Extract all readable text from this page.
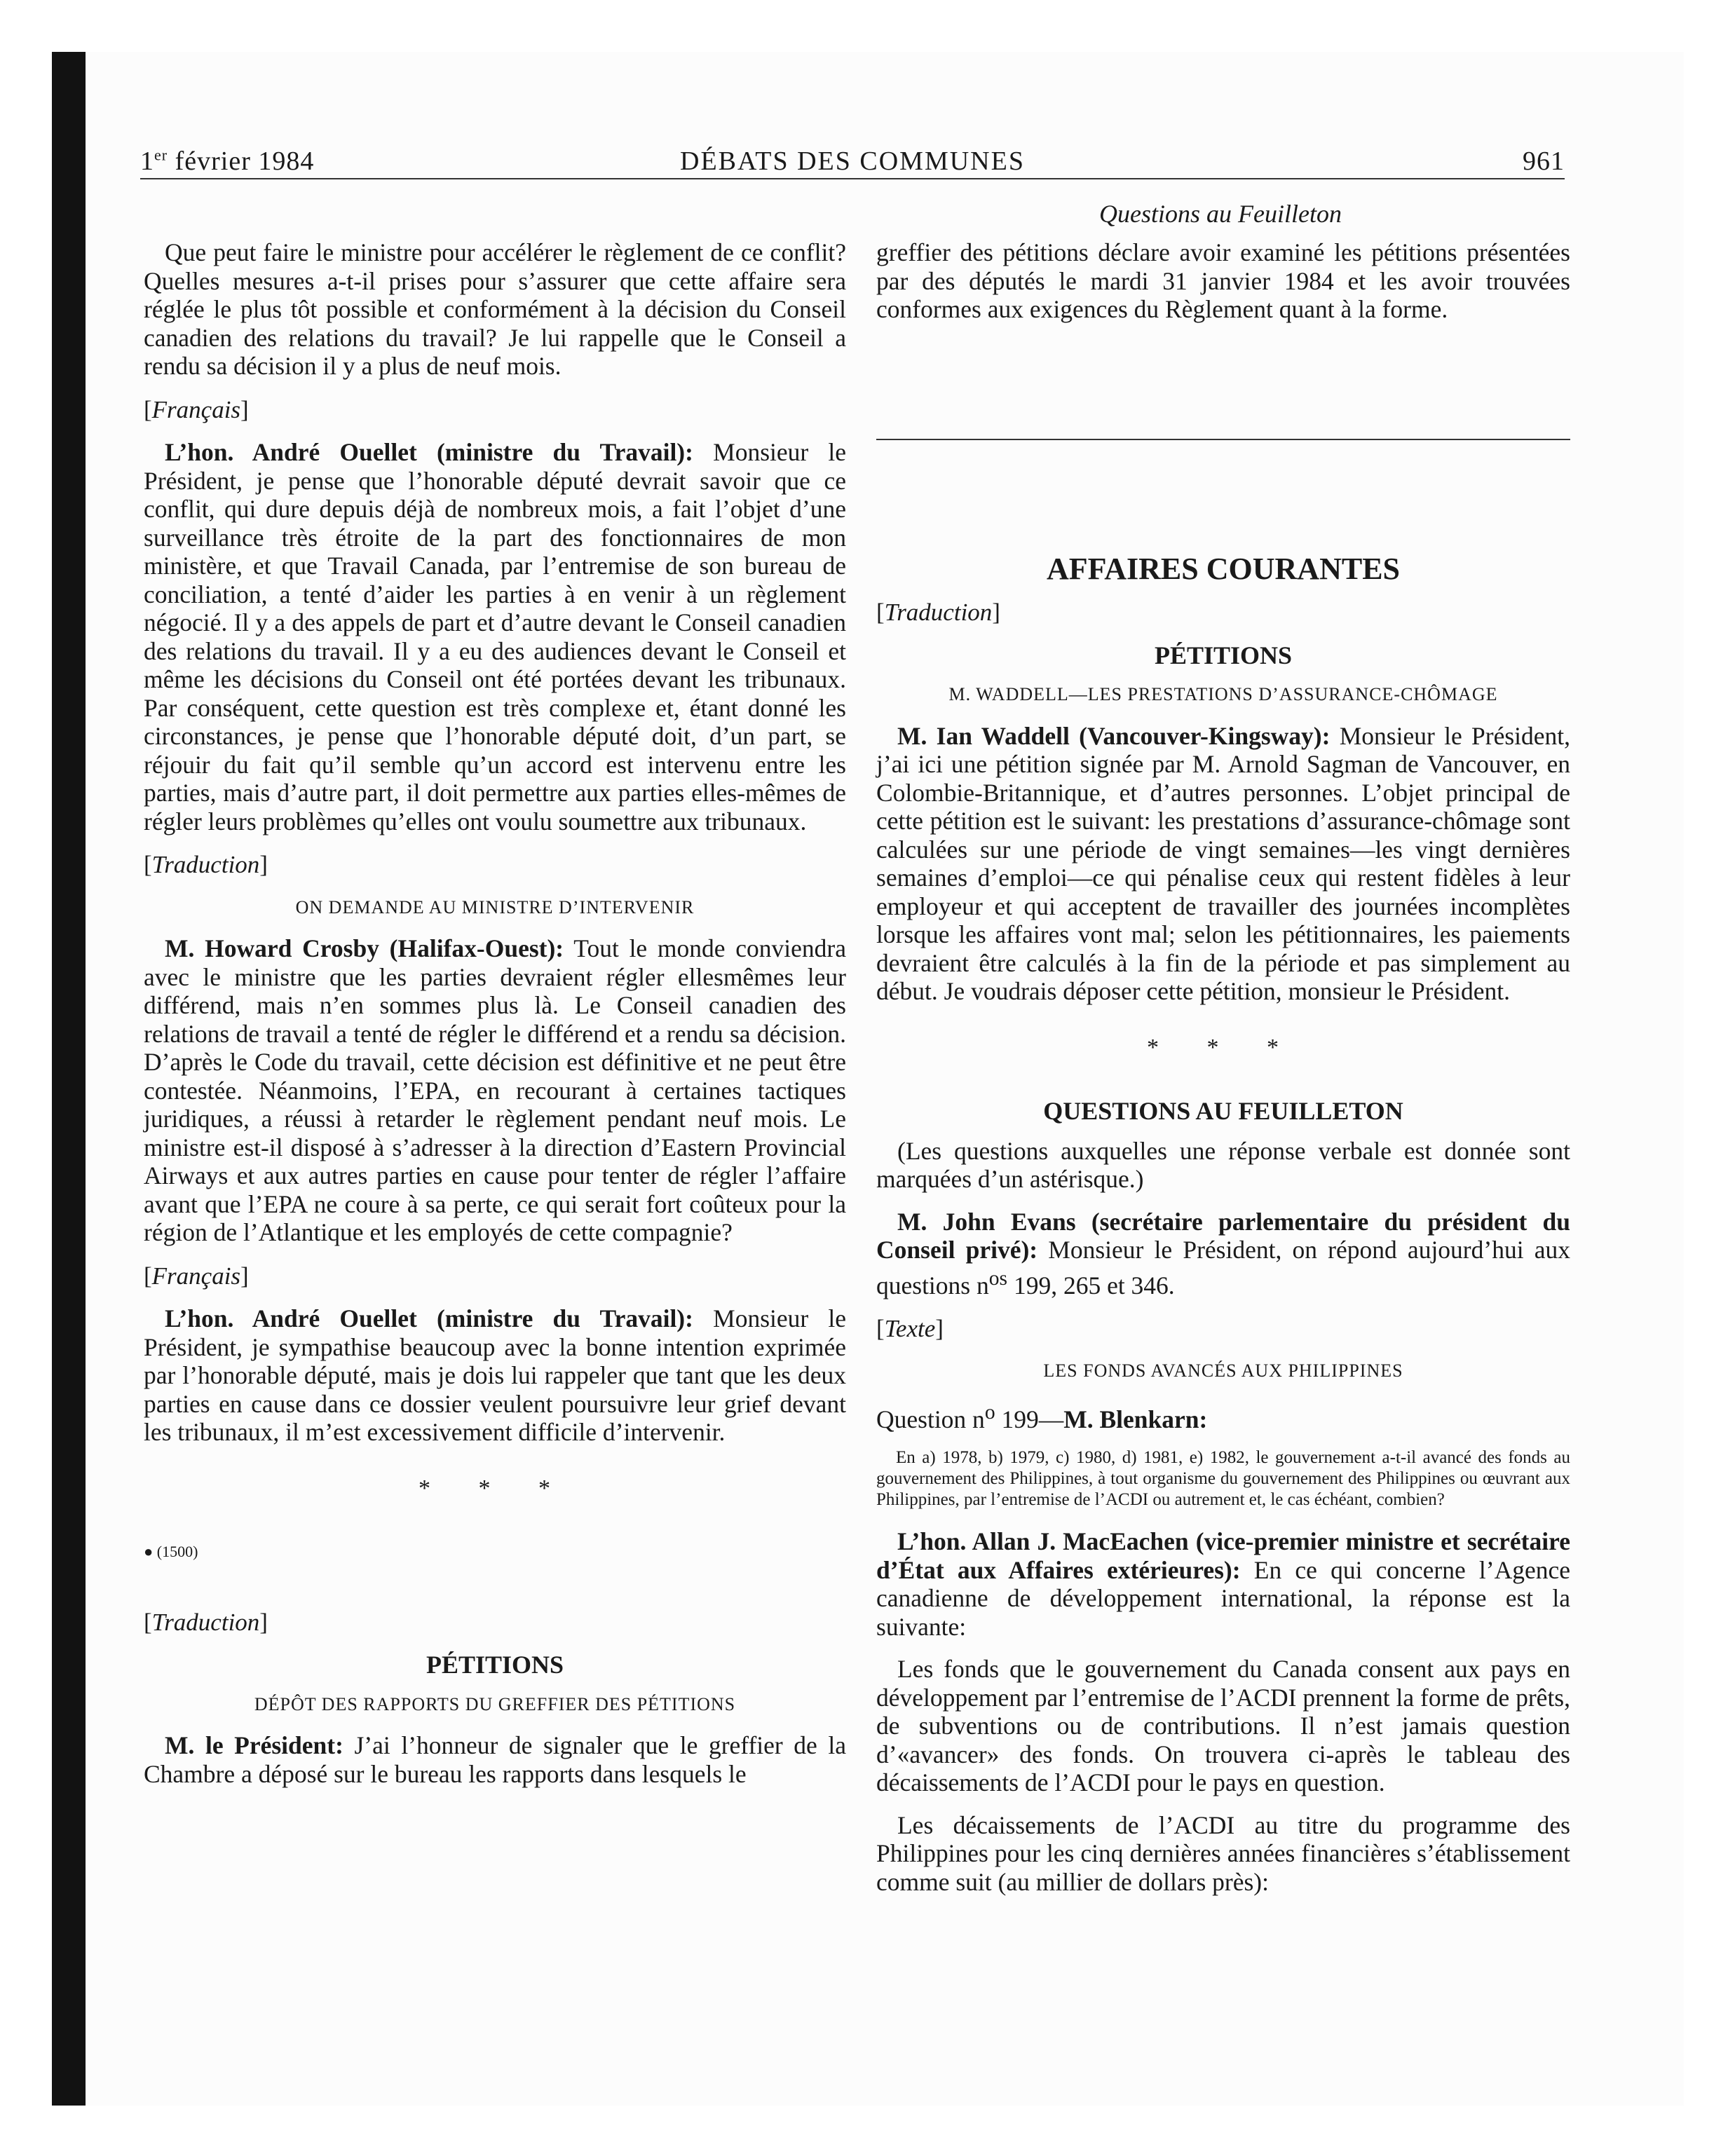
1er février 1984	DÉBATS DES COMMUNES	961
Questions au Feuilleton

Que peut faire le ministre pour accélérer le règlement de ce conflit? Quelles mesures a-t-il prises pour s’assurer que cette affaire sera réglée le plus tôt possible et conformément à la décision du Conseil canadien des relations du travail? Je lui rappelle que le Conseil a rendu sa décision il y a plus de neuf mois.

[Français]

L’hon. André Ouellet (ministre du Travail): Monsieur le Président, je pense que l’honorable député devrait savoir que ce conflit, qui dure depuis déjà de nombreux mois, a fait l’objet d’une surveillance très étroite de la part des fonctionnaires de mon ministère, et que Travail Canada, par l’entremise de son bureau de conciliation, a tenté d’aider les parties à en venir à un règlement négocié. Il y a des appels de part et d’autre devant le Conseil canadien des relations du travail. Il y a eu des audiences devant le Conseil et même les décisions du Conseil ont été portées devant les tribunaux. Par conséquent, cette question est très complexe et, étant donné les circonstances, je pense que l’honorable député doit, d’un part, se réjouir du fait qu’il semble qu’un accord est intervenu entre les parties, mais d’autre part, il doit permettre aux parties elles-mêmes de régler leurs problèmes qu’elles ont voulu soumettre aux tribunaux.

[Traduction]
ON DEMANDE AU MINISTRE D’INTERVENIR

M. Howard Crosby (Halifax-Ouest): Tout le monde conviendra avec le ministre que les parties devraient régler ellesmêmes leur différend, mais n’en sommes plus là. Le Conseil canadien des relations de travail a tenté de régler le différend et a rendu sa décision. D’après le Code du travail, cette décision est définitive et ne peut être contestée. Néanmoins, l’EPA, en recourant à certaines tactiques juridiques, a réussi à retarder le règlement pendant neuf mois. Le ministre est-il disposé à s’adresser à la direction d’Eastern Provincial Airways et aux autres parties en cause pour tenter de régler l’affaire avant que l’EPA ne coure à sa perte, ce qui serait fort coûteux pour la région de l’Atlantique et les employés de cette compagnie?

[Français]

L’hon. André Ouellet (ministre du Travail): Monsieur le Président, je sympathise beaucoup avec la bonne intention exprimée par l’honorable député, mais je dois lui rappeler que tant que les deux parties en cause dans ce dossier veulent poursuivre leur grief devant les tribunaux, il m’est excessivement difficile d’intervenir.

* * *
● (1500)
[Traduction]
PÉTITIONS
DÉPÔT DES RAPPORTS DU GREFFIER DES PÉTITIONS

M. le Président: J’ai l’honneur de signaler que le greffier de la Chambre a déposé sur le bureau les rapports dans lesquels le

greffier des pétitions déclare avoir examiné les pétitions présentées par des députés le mardi 31 janvier 1984 et les avoir trouvées conformes aux exigences du Règlement quant à la forme.

AFFAIRES COURANTES
[Traduction]
PÉTITIONS
M. WADDELL—LES PRESTATIONS D’ASSURANCE-CHÔMAGE

M. Ian Waddell (Vancouver-Kingsway): Monsieur le Président, j’ai ici une pétition signée par M. Arnold Sagman de Vancouver, en Colombie-Britannique, et d’autres personnes. L’objet principal de cette pétition est le suivant: les prestations d’assurance-chômage sont calculées sur une période de vingt semaines—les vingt dernières semaines d’emploi—ce qui pénalise ceux qui restent fidèles à leur employeur et qui acceptent de travailler des journées incomplètes lorsque les affaires vont mal; selon les pétitionnaires, les paiements devraient être calculés à la fin de la période et pas simplement au début. Je voudrais déposer cette pétition, monsieur le Président.

* * *
QUESTIONS AU FEUILLETON

(Les questions auxquelles une réponse verbale est donnée sont marquées d’un astérisque.)

M. John Evans (secrétaire parlementaire du président du Conseil privé): Monsieur le Président, on répond aujourd’hui aux questions $n^{os}$ 199, 265 et 346.

[Texte]
LES FONDS AVANCÉS AUX PHILIPPINES

Question $n^o$ 199—M. Blenkarn:

En a) 1978, b) 1979, c) 1980, d) 1981, e) 1982, le gouvernement a-t-il avancé des fonds au gouvernement des Philippines, à tout organisme du gouvernement des Philippines ou œuvrant aux Philippines, par l’entremise de l’ACDI ou autrement et, le cas échéant, combien?

L’hon. Allan J. MacEachen (vice-premier ministre et secrétaire d’État aux Affaires extérieures): En ce qui concerne l’Agence canadienne de développement international, la réponse est la suivante:

Les fonds que le gouvernement du Canada consent aux pays en développement par l’entremise de l’ACDI prennent la forme de prêts, de subventions ou de contributions. Il n’est jamais question d’«avancer» des fonds. On trouvera ci-après le tableau des décaissements de l’ACDI pour le pays en question.

Les décaissements de l’ACDI au titre du programme des Philippines pour les cinq dernières années financières s’établissement comme suit (au millier de dollars près):
